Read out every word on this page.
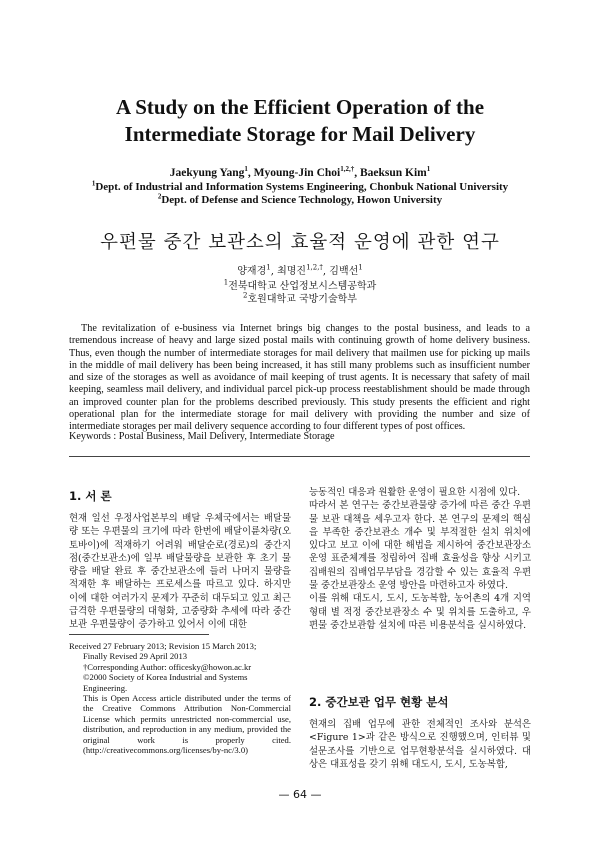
A Study on the Efficient Operation of the
Intermediate Storage for Mail Delivery
Jaekyung Yang$^1$, Myoung-Jin Choi$^{1,2,\dagger}$, Baeksun Kim$^1$
$^1$Dept. of Industrial and Information Systems Engineering, Chonbuk National University
$^2$Dept. of Defense and Science Technology, Howon University
우편물 중간 보관소의 효율적 운영에 관한 연구
양재경$^1$, 최명진$^{1,2,\dagger}$, 김백선$^1$
$^1$전북대학교 산업정보시스템공학과
$^2$호원대학교 국방기술학부

The revitalization of e-business via Internet brings big changes to the postal business, and leads to a tremendous increase of heavy and large sized postal mails with continuing growth of home delivery business. Thus, even though the number of intermediate storages for mail delivery that mailmen use for picking up mails in the middle of mail delivery has been being increased, it has still many problems such as insufficient number and size of the storages as well as avoidance of mail keeping of trust agents. It is necessary that safety of mail keeping, seamless mail delivery, and individual parcel pick-up process reestablishment should be made through an improved counter plan for the problems described previously. This study presents the efficient and right operational plan for the intermediate storage for mail delivery with providing the number and size of intermediate storages per mail delivery sequence according to four different types of post offices.

Keywords : Postal Business, Mail Delivery, Intermediate Storage
1. 서 론

현재 일선 우정사업본부의 배달 우체국에서는 배달물량 또는 우편물의 크기에 따라 한번에 배달이륜차량(오토바이)에 적재하기 어려워 배달순로(경로)의 중간지점(중간보관소)에 일부 배달물량을 보관한 후 초기 물량을 배달 완료 후 중간보관소에 들러 나머지 물량을 적재한 후 배달하는 프로세스를 따르고 있다. 하지만 이에 대한 여러가지 문제가 꾸준히 대두되고 있고 최근 급격한 우편물량의 대형화, 고중량화 추세에 따라 중간보관 우편물량이 증가하고 있어서 이에 대한

Received 27 February 2013; Revision 15 March 2013;
Finally Revised 29 April 2013
†Corresponding Author: officesky@howon.ac.kr
©2000 Society of Korea Industrial and Systems Engineering.
This is Open Access article distributed under the terms of the Creative Commons Attribution Non-Commercial License which permits unrestricted non-commercial use, distribution, and reproduction in any medium, provided the original work is properly cited. (http://creativecommons.org/licenses/by-nc/3.0)

능동적인 대응과 원활한 운영이 필요한 시점에 있다.

따라서 본 연구는 중간보관물량 증가에 따른 중간 우편물 보관 대책을 세우고자 한다. 본 연구의 문제의 핵심을 부족한 중간보관소 개수 및 부적절한 설치 위치에 있다고 보고 이에 대한 해법을 제시하여 중간보관장소 운영 표준체계를 정립하여 집배 효율성을 향상 시키고 집배원의 집배업무부담을 경감할 수 있는 효율적 우편물 중간보관장소 운영 방안을 마련하고자 하였다.

이를 위해 대도시, 도시, 도농복합, 농어촌의 4개 지역 형태 별 적정 중간보관장소 수 및 위치를 도출하고, 우편물 중간보관함 설치에 따른 비용분석을 실시하였다.

2. 중간보관 업무 현황 분석

현재의 집배 업무에 관한 전체적인 조사와 분석은 <Figure 1>과 같은 방식으로 진행했으며, 인터뷰 및 설문조사를 기반으로 업무현황분석을 실시하였다. 대상은 대표성을 갖기 위해 대도시, 도시, 도농복합,

— 64 —
